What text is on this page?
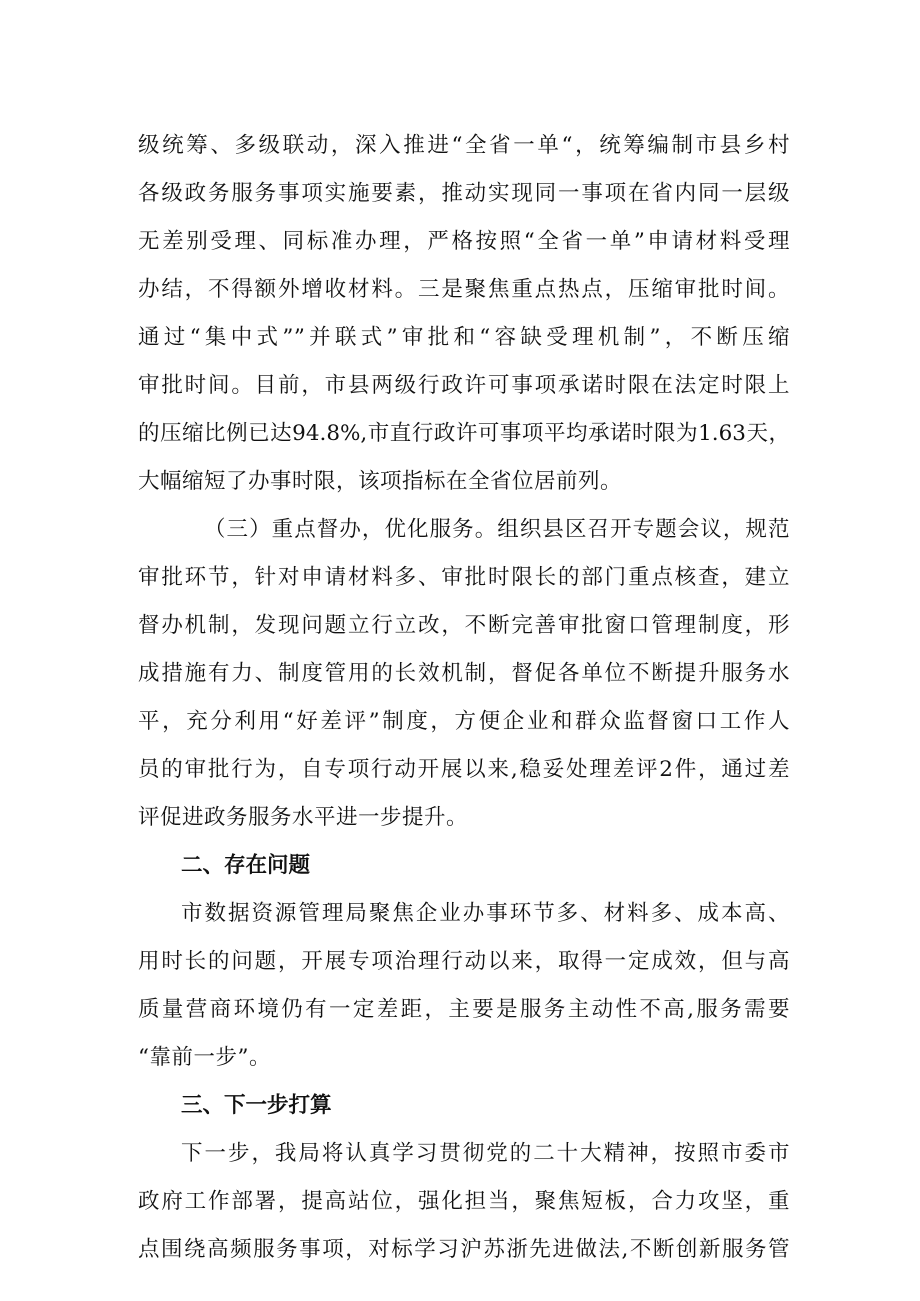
级统筹、多级联动，深入推进“全省一单“，统筹编制市县乡村
各级政务服务事项实施要素，推动实现同一事项在省内同一层级
无差别受理、同标准办理，严格按照“全省一单”申请材料受理
办结，不得额外增收材料。三是聚焦重点热点，压缩审批时间。
通过“集中式””并联式”审批和“容缺受理机制”，不断压缩
审批时间。目前，市县两级行政许可事项承诺时限在法定时限上
的压缩比例已达94.8%,市直行政许可事项平均承诺时限为1.63天，
大幅缩短了办事时限，该项指标在全省位居前列。
（三）重点督办，优化服务。组织县区召开专题会议，规范
审批环节，针对申请材料多、审批时限长的部门重点核查，建立
督办机制，发现问题立行立改，不断完善审批窗口管理制度，形
成措施有力、制度管用的长效机制，督促各单位不断提升服务水
平，充分利用“好差评”制度，方便企业和群众监督窗口工作人
员的审批行为，自专项行动开展以来,稳妥处理差评2件，通过差
评促进政务服务水平进一步提升。
二、存在问题
市数据资源管理局聚焦企业办事环节多、材料多、成本高、
用时长的问题，开展专项治理行动以来，取得一定成效，但与高
质量营商环境仍有一定差距，主要是服务主动性不高,服务需要
“靠前一步”。
三、下一步打算
下一步，我局将认真学习贯彻党的二十大精神，按照市委市
政府工作部署，提高站位，强化担当，聚焦短板，合力攻坚，重
点围绕高频服务事项，对标学习沪苏浙先进做法,不断创新服务管
